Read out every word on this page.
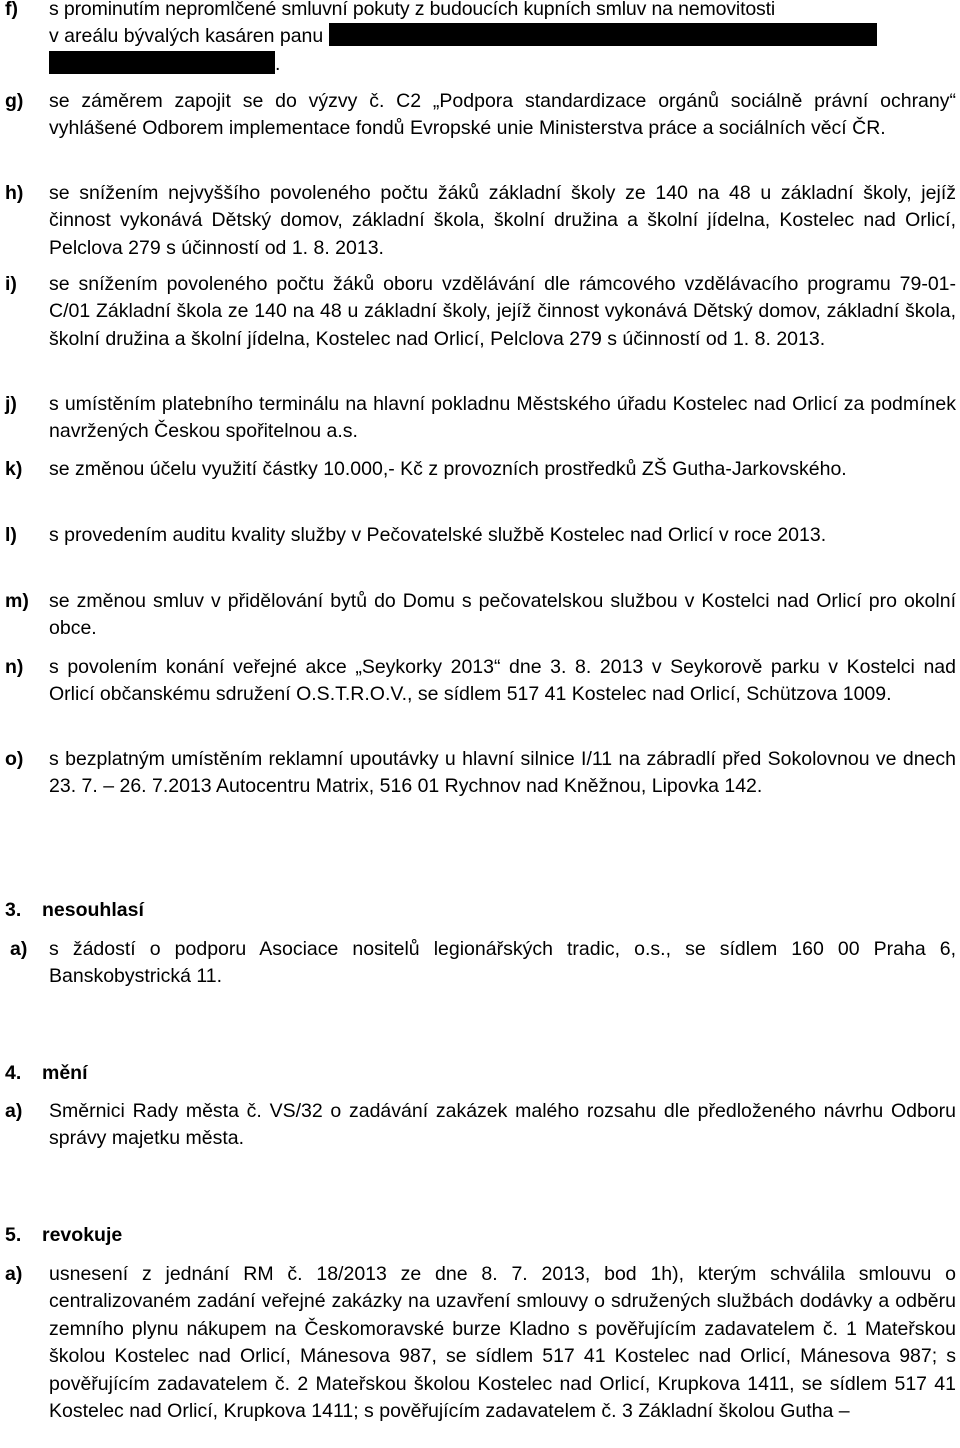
f) s prominutím nepromlčené smluvní pokuty z budoucích kupních smluv na nemovitosti
v areálu bývalých kasáren panu
.
g) se záměrem zapojit se do výzvy č. C2 „Podpora standardizace orgánů sociálně právní ochrany“ vyhlášené Odborem implementace fondů Evropské unie Ministerstva práce a sociálních věcí ČR.
h) se snížením nejvyššího povoleného počtu žáků základní školy ze 140 na 48 u základní školy, jejíž činnost vykonává Dětský domov, základní škola, školní družina a školní jídelna, Kostelec nad Orlicí, Pelclova 279 s účinností od 1. 8. 2013.
i) se snížením povoleného počtu žáků oboru vzdělávání dle rámcového vzdělávacího programu 79-01-C/01 Základní škola ze 140 na 48 u základní školy, jejíž činnost vykonává Dětský domov, základní škola, školní družina a školní jídelna, Kostelec nad Orlicí, Pelclova 279 s účinností od 1. 8. 2013.
j) s umístěním platebního terminálu na hlavní pokladnu Městského úřadu Kostelec nad Orlicí za podmínek navržených Českou spořitelnou a.s.
k) se změnou účelu využití částky 10.000,- Kč z provozních prostředků ZŠ Gutha-Jarkovského.
l) s provedením auditu kvality služby v Pečovatelské službě Kostelec nad Orlicí v roce 2013.
m) se změnou smluv v přidělování bytů do Domu s pečovatelskou službou v Kostelci nad Orlicí pro okolní obce.
n) s povolením konání veřejné akce „Seykorky 2013“ dne 3. 8. 2013 v Seykorově parku v Kostelci nad Orlicí občanskému sdružení O.S.T.R.O.V., se sídlem 517 41 Kostelec nad Orlicí, Schützova 1009.
o) s bezplatným umístěním reklamní upoutávky u hlavní silnice I/11 na zábradlí před Sokolovnou ve dnech 23. 7. – 26. 7.2013 Autocentru Matrix, 516 01 Rychnov nad Kněžnou, Lipovka 142.
3. nesouhlasí
a) s žádostí o podporu Asociace nositelů legionářských tradic, o.s., se sídlem 160 00 Praha 6, Banskobystrická 11.
4. mění
a) Směrnici Rady města č. VS/32 o zadávání zakázek malého rozsahu dle předloženého návrhu Odboru správy majetku města.
5. revokuje
a) usnesení z jednání RM č. 18/2013 ze dne 8. 7. 2013, bod 1h), kterým schválila smlouvu o centralizovaném zadání veřejné zakázky na uzavření smlouvy o sdružených službách dodávky a odběru zemního plynu nákupem na Českomoravské burze Kladno s pověřujícím zadavatelem č. 1 Mateřskou školou Kostelec nad Orlicí, Mánesova 987, se sídlem 517 41 Kostelec nad Orlicí, Mánesova 987; s pověřujícím zadavatelem č. 2 Mateřskou školou Kostelec nad Orlicí, Krupkova 1411, se sídlem 517 41 Kostelec nad Orlicí, Krupkova 1411; s pověřujícím zadavatelem č. 3 Základní školou Gutha –
